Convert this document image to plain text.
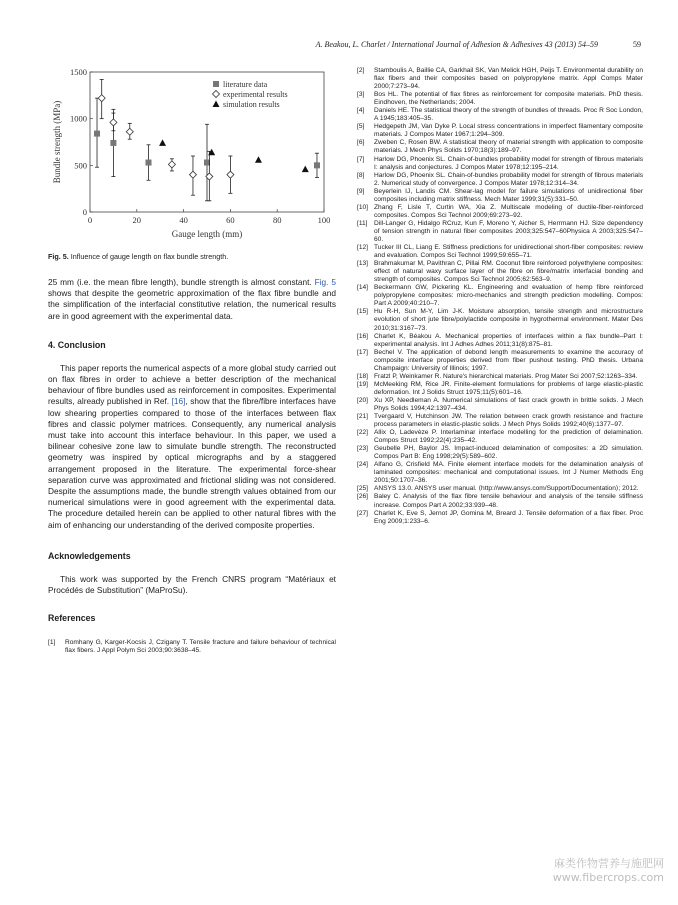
A. Beakou, L. Charlet / International Journal of Adhesion & Adhesives 43 (2013) 54–59	59
0	20	40	60	80	100
0
500
1000
1500
Gauge length (mm)
Bundle strength (MPa)
literature data
experimental results
simulation results
Fig. 5. Influence of gauge length on flax bundle strength.

25 mm (i.e. the mean fibre length), bundle strength is almost constant. Fig. 5 shows that despite the geometric approximation of the flax fibre bundle and the simplification of the interfacial constitutive relation, the numerical results are in good agreement with the experimental data.

4. Conclusion

This paper reports the numerical aspects of a more global study carried out on flax fibres in order to achieve a better description of the mechanical behaviour of fibre bundles used as reinforcement in composites. Experimental results, already published in Ref. [16], show that the fibre/fibre interfaces have low shearing properties compared to those of the interfaces between flax fibres and classic polymer matrices. Consequently, any numerical analysis must take into account this interface behaviour. In this paper, we used a bilinear cohesive zone law to simulate bundle strength. The reconstructed geometry was inspired by optical micrographs and by a staggered arrangement proposed in the literature. The experimental force-shear separation curve was approximated and frictional sliding was not considered. Despite the assumptions made, the bundle strength values obtained from our numerical simulations were in good agreement with the experimental data. The procedure detailed herein can be applied to other natural fibres with the aim of enhancing our understanding of the derived composite properties.

Acknowledgements

This work was supported by the French CNRS program “Matériaux et Procédés de Substitution” (MaProSu).

References

[1]	Romhany G, Karger-Kocsis J, Czigany T. Tensile fracture and failure behaviour of technical flax fibers. J Appl Polym Sci 2003;90:3638–45.
[2]	Stamboulis A, Baillie CA, Garkhail SK, Van Melick HGH, Peijs T. Environmental durability on flax fibers and their composites based on polypropylene matrix. Appl Comps Mater 2000;7:273–94.
[3]	Bos HL. The potential of flax fibres as reinforcement for composite materials. PhD thesis. Eindhoven, the Netherlands; 2004.
[4]	Daniels HE. The statistical theory of the strength of bundles of threads. Proc R Soc London, A 1945;183:405–35.
[5]	Hedgepeth JM, Van Dyke P. Local stress concentrations in imperfect filamentary composite materials. J Compos Mater 1967;1:294–309.
[6]	Zweben C, Rosen BW. A statistical theory of material strength with application to composite materials. J Mech Phys Solids 1970;18(3):189–97.
[7]	Harlow DG, Phoenix SL. Chain-of-bundles probability model for strength of fibrous materials I: analysis and conjectures. J Compos Mater 1978;12:195–214.
[8]	Harlow DG, Phoenix SL. Chain-of-bundles probability model for strength of fibrous materials 2. Numerical study of convergence. J Compos Mater 1978;12:314–34.
[9]	Beyerlein IJ, Landis CM. Shear-lag model for failure simulations of unidirectional fiber composites including matrix stiffness. Mech Mater 1999;31(5):331–50.
[10] Zhang F, Lisle T, Curtin WA, Xia Z. Multiscale modeling of ductile-fiber-reinforced composites. Compos Sci Technol 2009;69:273–92.
[11] Dill-Langer G, Hidalgo RCruz, Kun F, Moreno Y, Aicher S, Herrmann HJ. Size dependency of tension strength in natural fiber composites 2003;325:547–60Physica A 2003;325:547–60.
[12] Tucker III CL, Liang E. Stiffness predictions for unidirectional short-fiber composites: review and evaluation. Compos Sci Technol 1999;59:655–71.
[13] Brahmakumar M, Pavithran C, Pillai RM. Coconut fibre reinforced polyethylene composites: effect of natural waxy surface layer of the fibre on fibre/matrix interfacial bonding and strength of composites. Compos Sci Technol 2005;62:563–9.
[14] Beckermann GW, Pickering KL. Engineering and evaluation of hemp fibre reinforced polypropylene composites: micro-mechanics and strength prediction modelling. Compos: Part A 2009;40:210–7.
[15] Hu R-H, Sun M-Y, Lim J-K. Moisture absorption, tensile strength and microstructure evolution of short jute fibre/polylactide composite in hygrothermal environment. Mater Des 2010;31:3167–73.
[16] Charlet K, Béakou A. Mechanical properties of interfaces within a flax bundle–Part I: experimental analysis. Int J Adhes Adhes 2011;31(8):875–81.
[17] Bechel V. The application of debond length measurements to examine the accuracy of composite interface properties derived from fiber pushout testing. PhD thesis. Urbana Champaign: University of Illinois; 1997.
[18] Fratzl P, Weinkamer R. Nature's hierarchical materials. Prog Mater Sci 2007;52:1263–334.
[19] McMeeking RM, Rice JR. Finite-element formulations for problems of large elastic-plastic deformation. Int J Solids Struct 1975;11(5):601–16.
[20] Xu XP, Needleman A. Numerical simulations of fast crack growth in brittle solids. J Mech Phys Solids 1994;42:1397–434.
[21] Tvergaard V, Hutchinson JW. The relation between crack growth resistance and fracture process parameters in elastic-plastic solids. J Mech Phys Solids 1992;40(6):1377–97.
[22] Allix O, Ladevèze P. Interlaminar interface modelling for the prediction of delamination. Compos Struct 1992;22(4):235–42.
[23] Geubelle PH, Baylor JS. Impact-induced delamination of composites: a 2D simulation. Compos Part B: Eng 1998;29(5):589–602.
[24] Alfano G, Crisfield MA. Finite element interface models for the delamination analysis of laminated composites: mechanical and computational issues. Int J Numer Methods Eng 2001;50:1707–36.
[25] ANSYS 13.0. ANSYS user manual. ⟨http://www.ansys.com/Support/Documentation⟩; 2012.
[26] Baley C. Analysis of the flax fibre tensile behaviour and analysis of the tensile stiffness increase. Compos Part A 2002;33:939–48.
[27] Charlet K, Eve S, Jernot JP, Gomina M, Breard J. Tensile deformation of a flax fiber. Proc Eng 2009;1:233–6.
麻类作物营养与施肥网
www.fibercrops.com
